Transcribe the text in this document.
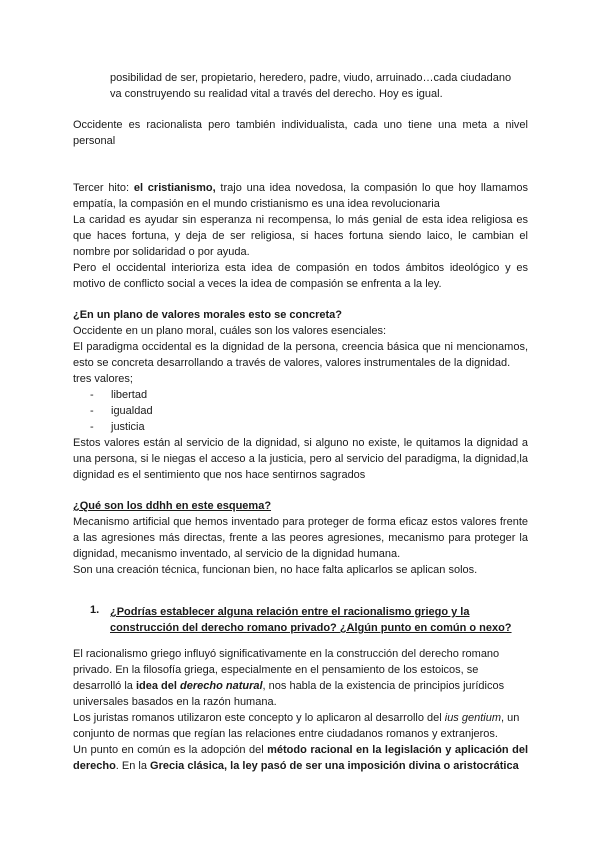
posibilidad de ser, propietario, heredero, padre, viudo, arruinado…cada ciudadano
va construyendo su realidad vital a través del derecho. Hoy es igual.

Occidente es racionalista pero también individualista, cada uno tiene una meta a nivel personal

Tercer hito: el cristianismo, trajo una idea novedosa, la compasión lo que hoy llamamos empatía, la compasión en el mundo cristianismo es una idea revolucionaria

La caridad es ayudar sin esperanza ni recompensa, lo más genial de esta idea religiosa es que haces fortuna, y deja de ser religiosa, si haces fortuna siendo laico, le cambian el nombre por solidaridad o por ayuda.

Pero el occidental interioriza esta idea de compasión en todos ámbitos ideológico y es motivo de conflicto social a veces la idea de compasión se enfrenta a la ley.

¿En un plano de valores morales esto se concreta?
Occidente en un plano moral, cuáles son los valores esenciales:
El paradigma occidental es la dignidad de la persona, creencia básica que ni mencionamos, esto se concreta desarrollando a través de valores, valores instrumentales de la dignidad.
tres valores;
- libertad
- igualdad
- justicia
Estos valores están al servicio de la dignidad, si alguno no existe, le quitamos la dignidad a una persona, si le niegas el acceso a la justicia, pero al servicio del paradigma, la dignidad,la dignidad es el sentimiento que nos hace sentirnos sagrados
¿Qué son los ddhh en este esquema?
Mecanismo artificial que hemos inventado para proteger de forma eficaz estos valores frente a las agresiones más directas, frente a las peores agresiones, mecanismo para proteger la dignidad, mecanismo inventado, al servicio de la dignidad humana.
Son una creación técnica, funcionan bien, no hace falta aplicarlos se aplican solos.
1. ¿Podrías establecer alguna relación entre el racionalismo griego y la
construcción del derecho romano privado? ¿Algún punto en común o nexo?
El racionalismo griego influyó significativamente en la construcción del derecho romano
privado. En la filosofía griega, especialmente en el pensamiento de los estoicos, se
desarrolló la idea del derecho natural, nos habla de la existencia de principios jurídicos
universales basados en la razón humana.
Los juristas romanos utilizaron este concepto y lo aplicaron al desarrollo del ius gentium, un
conjunto de normas que regían las relaciones entre ciudadanos romanos y extranjeros.

Un punto en común es la adopción del método racional en la legislación y aplicación del derecho. En la Grecia clásica, la ley pasó de ser una imposición divina o aristocrática
